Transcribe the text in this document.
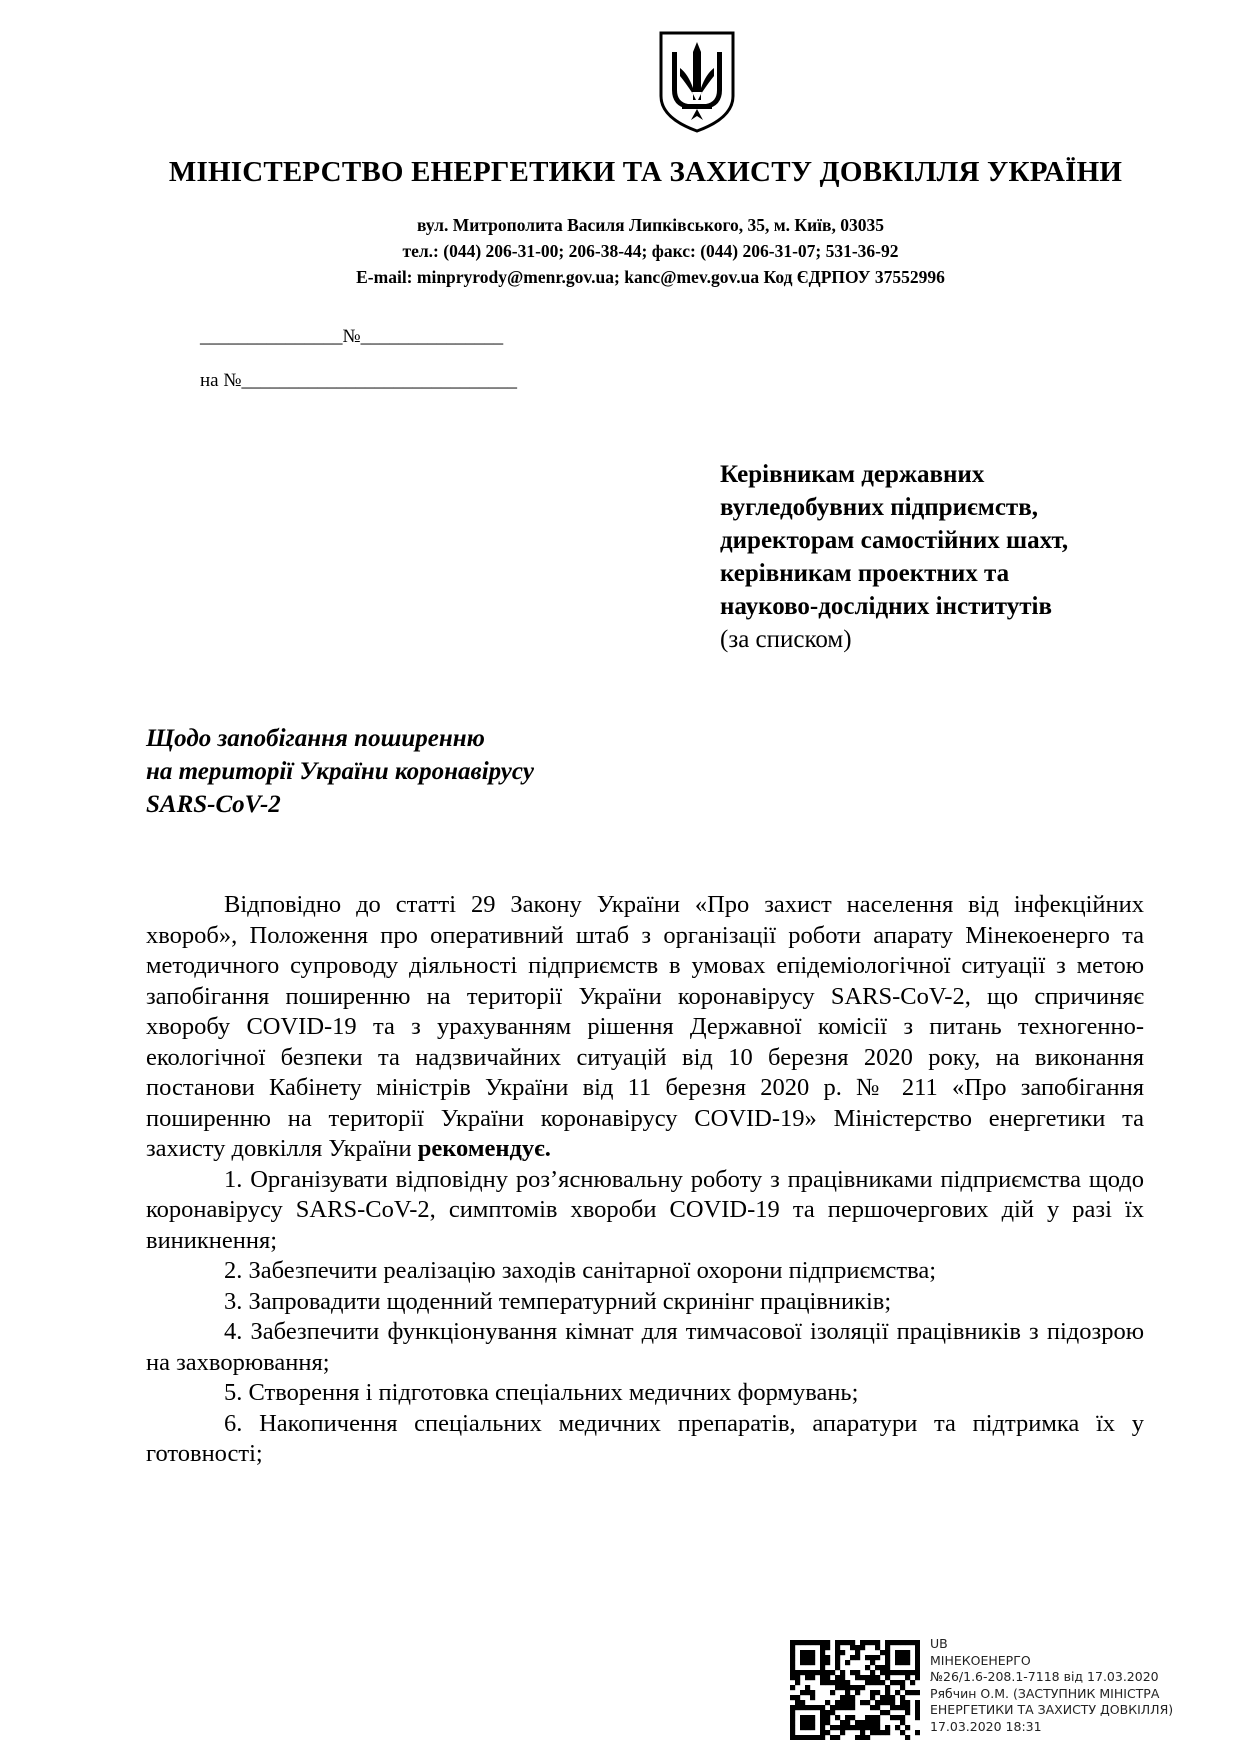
МІНІСТЕРСТВО ЕНЕРГЕТИКИ ТА ЗАХИСТУ ДОВКІЛЛЯ УКРАЇНИ
вул. Митрополита Василя Липківського, 35, м. Київ, 03035
тел.: (044) 206-31-00; 206-38-44; факс: (044) 206-31-07; 531-36-92
E-mail: minpryrody@menr.gov.ua; kanc@mev.gov.ua Код ЄДРПОУ 37552996
_______________№_______________
на №_____________________________
Керівникам державних
вугледобувних підприємств,
директорам самостійних шахт,
керівникам проектних та
науково-дослідних інститутів
(за списком)
Щодо запобігання поширенню
на території України коронавірусу
SARS-CoV-2

Відповідно до статті 29 Закону України «Про захист населення від інфекційних хвороб», Положення про оперативний штаб з організації роботи апарату Мінекоенерго та методичного супроводу діяльності підприємств в умовах епідеміологічної ситуації з метою запобігання поширенню на території України коронавірусу SARS-CoV-2, що спричиняє хворобу COVID-19 та з урахуванням рішення Державної комісії з питань техногенно-екологічної безпеки та надзвичайних ситуацій від 10 березня 2020 року, на виконання постанови Кабінету міністрів України від 11 березня 2020 р. № 211 «Про запобігання поширенню на території України коронавірусу COVID-19» Міністерство енергетики та захисту довкілля України рекомендує.

1. Організувати відповідну роз’яснювальну роботу з працівниками підприємства щодо коронавірусу SARS-CoV-2, симптомів хвороби COVID-19 та першочергових дій у разі їх виникнення;

2. Забезпечити реалізацію заходів санітарної охорони підприємства;

3. Запровадити щоденний температурний скринінг працівників;

4. Забезпечити функціонування кімнат для тимчасової ізоляції працівників з підозрою на захворювання;

5. Створення і підготовка спеціальних медичних формувань;

6. Накопичення спеціальних медичних препаратів, апаратури та підтримка їх у готовності;

UB
МІНЕКОЕНЕРГО
№26/1.6-208.1-7118 від 17.03.2020
Рябчин О.М. (ЗАСТУПНИК МІНІСТРА
ЕНЕРГЕТИКИ ТА ЗАХИСТУ ДОВКІЛЛЯ)
17.03.2020 18:31
